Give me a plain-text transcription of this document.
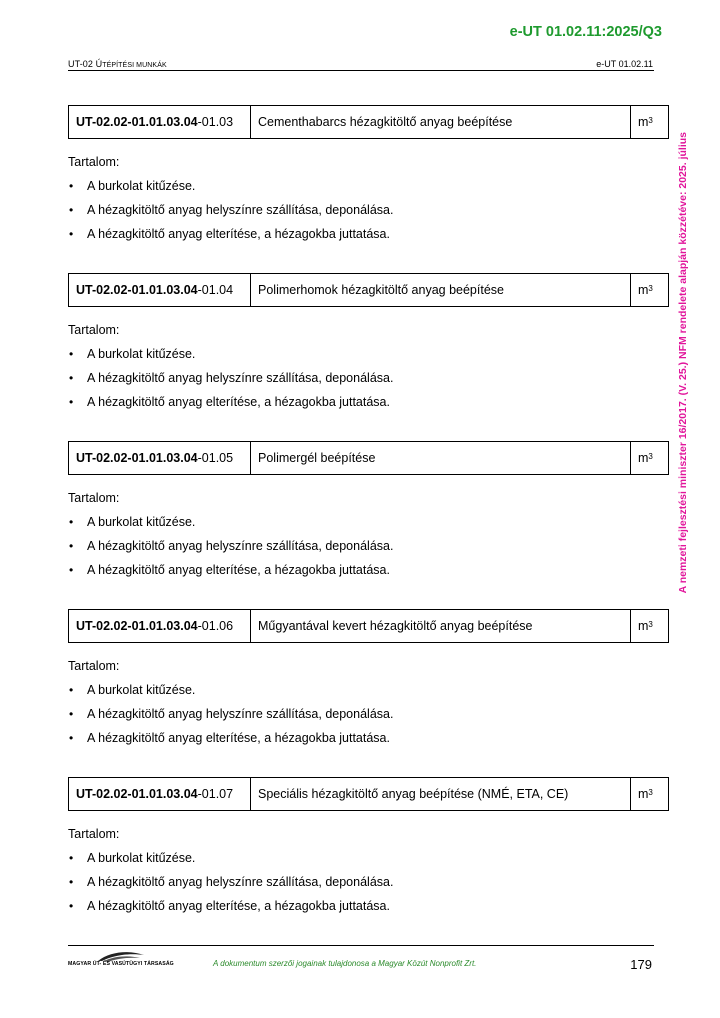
e-UT 01.02.11:2025/Q3
UT-02 ÚTÉPÍTÉSI MUNKÁK	e-UT 01.02.11
A nemzeti fejlesztési miniszter 16/2017. (V. 25.) NFM rendelete alapján közzétéve: 2025. július
UT-02.02-01.01.03.04 -01.03	Cementhabarcs hézagkitöltő anyag beépítése	$m^3$
Tartalom:
• A burkolat kitűzése.
• A hézagkitöltő anyag helyszínre szállítása, deponálása.
• A hézagkitöltő anyag elterítése, a hézagokba juttatása.
UT-02.02-01.01.03.04 -01.04	Polimerhomok hézagkitöltő anyag beépítése	$m^3$
Tartalom:
• A burkolat kitűzése.
• A hézagkitöltő anyag helyszínre szállítása, deponálása.
• A hézagkitöltő anyag elterítése, a hézagokba juttatása.
UT-02.02-01.01.03.04 -01.05	Polimergél beépítése	$m^3$
Tartalom:
• A burkolat kitűzése.
• A hézagkitöltő anyag helyszínre szállítása, deponálása.
• A hézagkitöltő anyag elterítése, a hézagokba juttatása.
UT-02.02-01.01.03.04 -01.06	Műgyantával kevert hézagkitöltő anyag beépítése	$m^3$
Tartalom:
• A burkolat kitűzése.
• A hézagkitöltő anyag helyszínre szállítása, deponálása.
• A hézagkitöltő anyag elterítése, a hézagokba juttatása.
UT-02.02-01.01.03.04 -01.07	Speciális hézagkitöltő anyag beépítése (NMÉ, ETA, CE)	$m^3$
Tartalom:
• A burkolat kitűzése.
• A hézagkitöltő anyag helyszínre szállítása, deponálása.
• A hézagkitöltő anyag elterítése, a hézagokba juttatása.
MAGYAR ÚT- ÉS VASÚTÜGYI TÁRSASÁG	A dokumentum szerzői jogainak tulajdonosa a Magyar Közút Nonprofit Zrt.	179
